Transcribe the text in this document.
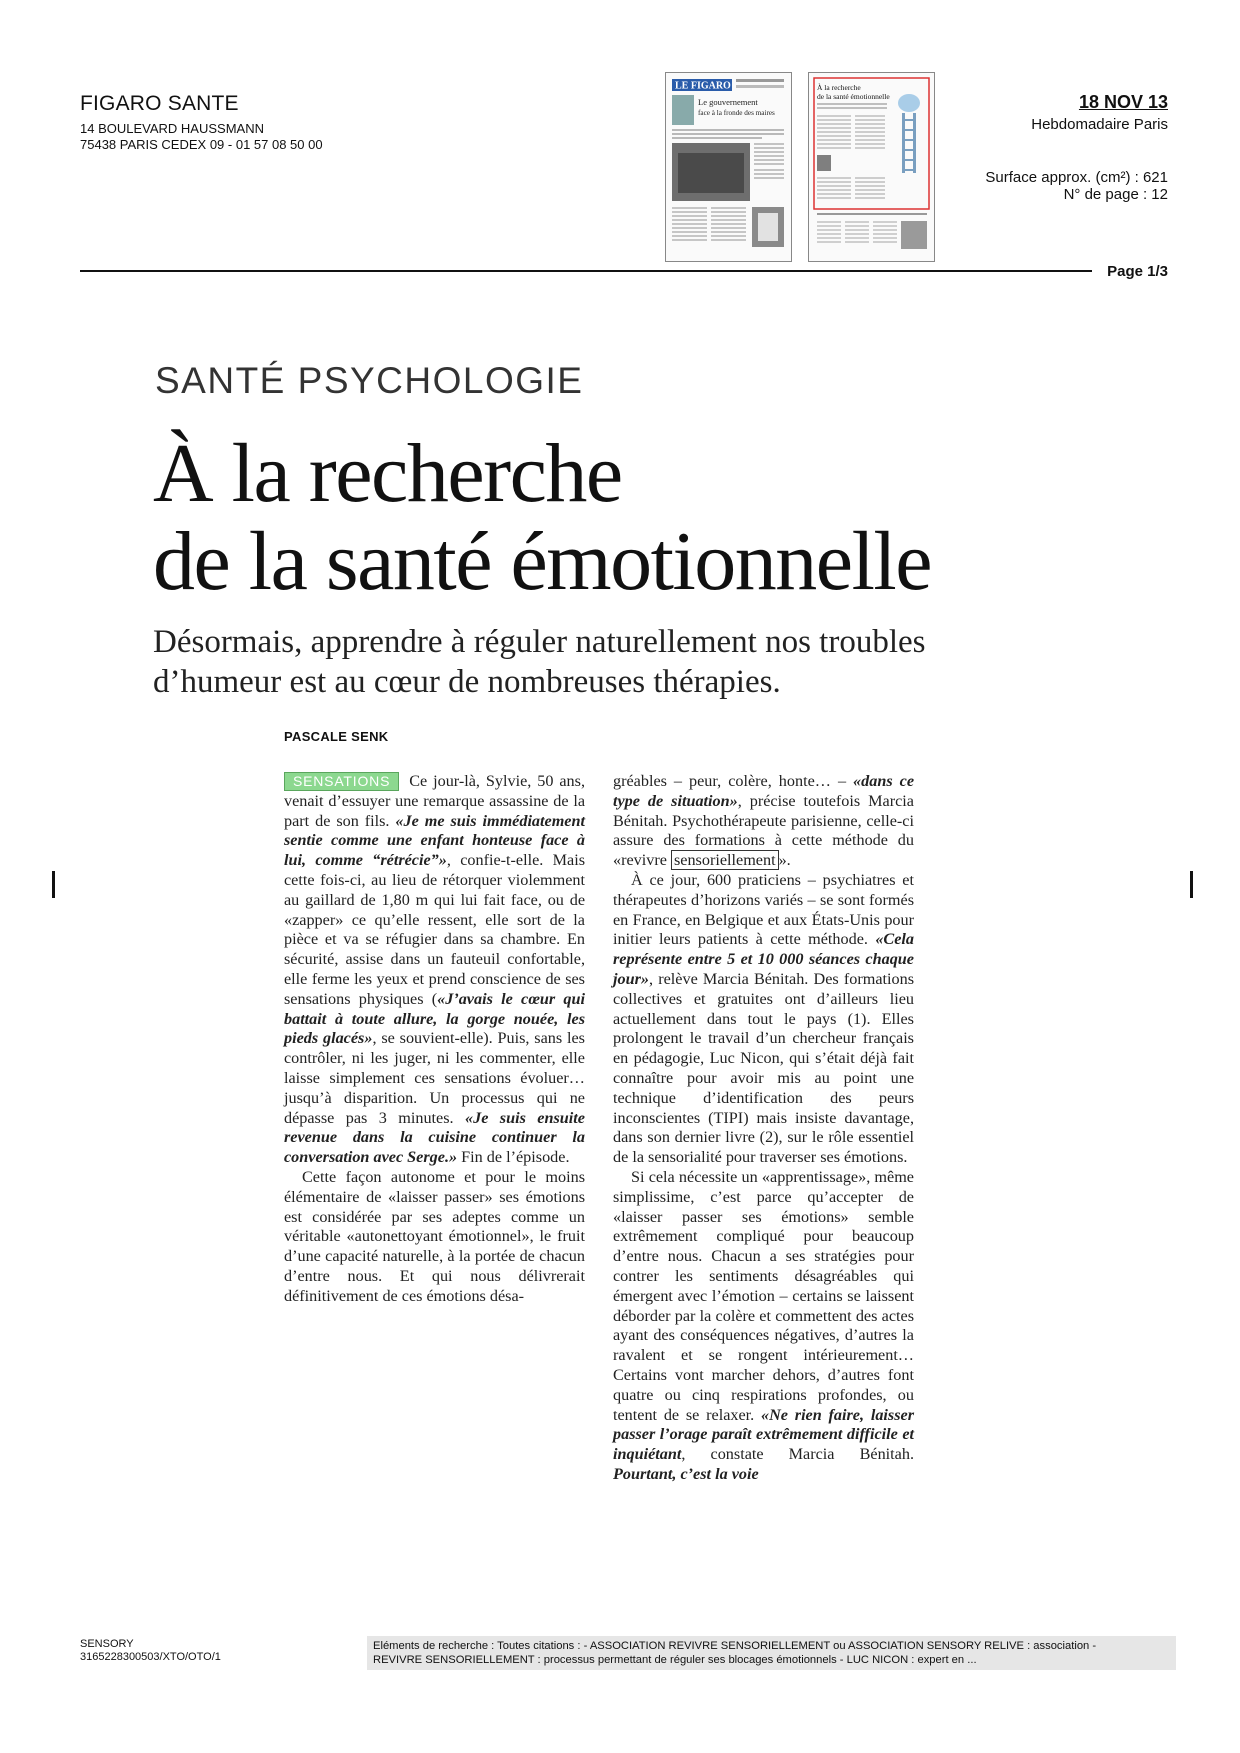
FIGARO SANTE
14 BOULEVARD HAUSSMANN
75438 PARIS CEDEX 09 - 01 57 08 50 00
LE FIGARO
Le gouvernement
face à la fronde des maires
À la recherche
de la santé émotionnelle	18 NOV 13
Hebdomadaire Paris
Surface approx. (cm²) : 621
N° de page : 12
Page 1/3
SANTÉ PSYCHOLOGIE
À la recherche
de la santé émotionnelle
Désormais, apprendre à réguler naturellement nos troubles
d’humeur est au cœur de nombreuses thérapies.
PASCALE SENK

SENSATIONS Ce jour-là, Sylvie, 50 ans, venait d’essuyer une remarque assassine de la part de son fils. «Je me suis immédiatement sentie comme une enfant honteuse face à lui, comme “rétrécie”», confie-t-elle. Mais cette fois-ci, au lieu de rétorquer violemment au gaillard de 1,80 m qui lui fait face, ou de «zapper» ce qu’elle ressent, elle sort de la pièce et va se réfugier dans sa chambre. En sécurité, assise dans un fauteuil confortable, elle ferme les yeux et prend conscience de ses sensations physiques («J’avais le cœur qui battait à toute allure, la gorge nouée, les pieds glacés», se souvient-elle). Puis, sans les contrôler, ni les juger, ni les commenter, elle laisse simplement ces sensations évoluer… jusqu’à disparition. Un processus qui ne dépasse pas 3 minutes. «Je suis ensuite revenue dans la cuisine continuer la conversation avec Serge.» Fin de l’épisode.

Cette façon autonome et pour le moins élémentaire de «laisser passer» ses émotions est considérée par ses adeptes comme un véritable «autonettoyant émotionnel», le fruit d’une capacité naturelle, à la portée de chacun d’entre nous. Et qui nous délivrerait définitivement de ces émotions désa-

gréables – peur, colère, honte… – «dans ce type de situation», précise toutefois Marcia Bénitah. Psychothérapeute parisienne, celle-ci assure des formations à cette méthode du «revivre sensoriellement ».

À ce jour, 600 praticiens – psychiatres et thérapeutes d’horizons variés – se sont formés en France, en Belgique et aux États-Unis pour initier leurs patients à cette méthode. «Cela représente entre 5 et 10 000 séances chaque jour», relève Marcia Bénitah. Des formations collectives et gratuites ont d’ailleurs lieu actuellement dans tout le pays (1). Elles prolongent le travail d’un chercheur français en pédagogie, Luc Nicon, qui s’était déjà fait connaître pour avoir mis au point une technique d’identification des peurs inconscientes (TIPI) mais insiste davantage, dans son dernier livre (2), sur le rôle essentiel de la sensorialité pour traverser ses émotions.

Si cela nécessite un «apprentissage», même simplissime, c’est parce qu’accepter de «laisser passer ses émotions» semble extrêmement compliqué pour beaucoup d’entre nous. Chacun a ses stratégies pour contrer les sentiments désagréables qui émergent avec l’émotion – certains se laissent déborder par la colère et commettent des actes ayant des conséquences négatives, d’autres la ravalent et se rongent intérieurement… Certains vont marcher dehors, d’autres font quatre ou cinq respirations profondes, ou tentent de se relaxer. «Ne rien faire, laisser passer l’orage paraît extrêmement difficile et inquiétant, constate Marcia Bénitah. Pourtant, c’est la voie

SENSORY
3165228300503/XTO/OTO/1
Eléments de recherche : Toutes citations : - ASSOCIATION REVIVRE SENSORIELLEMENT ou ASSOCIATION SENSORY RELIVE : association -
REVIVRE SENSORIELLEMENT : processus permettant de réguler ses blocages émotionnels - LUC NICON : expert en ...
